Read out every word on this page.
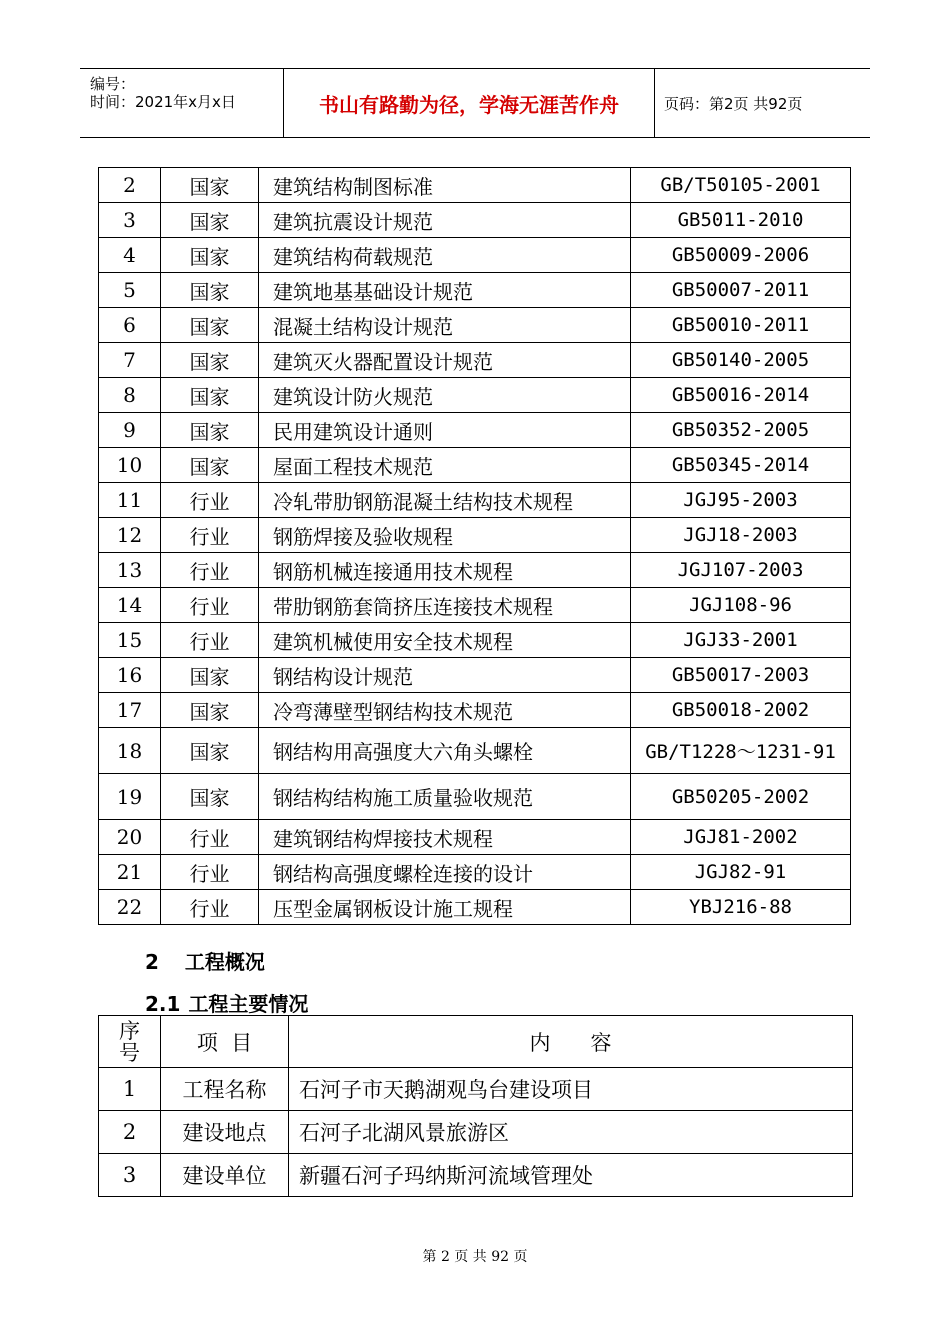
编号：
时间：2021年x月x日	书山有路勤为径，学海无涯苦作舟	页码：第2页 共92页
2	国家	建筑结构制图标准	GB/T50105-2001
3	国家	建筑抗震设计规范	GB5011-2010
4	国家	建筑结构荷载规范	GB50009-2006
5	国家	建筑地基基础设计规范	GB50007-2011
6	国家	混凝土结构设计规范	GB50010-2011
7	国家	建筑灭火器配置设计规范	GB50140-2005
8	国家	建筑设计防火规范	GB50016-2014
9	国家	民用建筑设计通则	GB50352-2005
10	国家	屋面工程技术规范	GB50345-2014
11	行业	冷轧带肋钢筋混凝土结构技术规程	JGJ95-2003
12	行业	钢筋焊接及验收规程	JGJ18-2003
13	行业	钢筋机械连接通用技术规程	JGJ107-2003
14	行业	带肋钢筋套筒挤压连接技术规程	JGJ108-96
15	行业	建筑机械使用安全技术规程	JGJ33-2001
16	国家	钢结构设计规范	GB50017-2003
17	国家	冷弯薄壁型钢结构技术规范	GB50018-2002
18	国家	钢结构用高强度大六角头螺栓	GB/T1228～1231-91
19	国家	钢结构结构施工质量验收规范	GB50205-2002
20	行业	建筑钢结构焊接技术规程	JGJ81-2002
21	行业	钢结构高强度螺栓连接的设计	JGJ82-91
22	行业	压型金属钢板设计施工规程	YBJ216-88
2 工程概况
2.1 工程主要情况
序
号	项  目	内      容
1	工程名称	石河子市天鹅湖观鸟台建设项目
2	建设地点	石河子北湖风景旅游区
3	建设单位	新疆石河子玛纳斯河流域管理处
第 2 页 共 92 页
